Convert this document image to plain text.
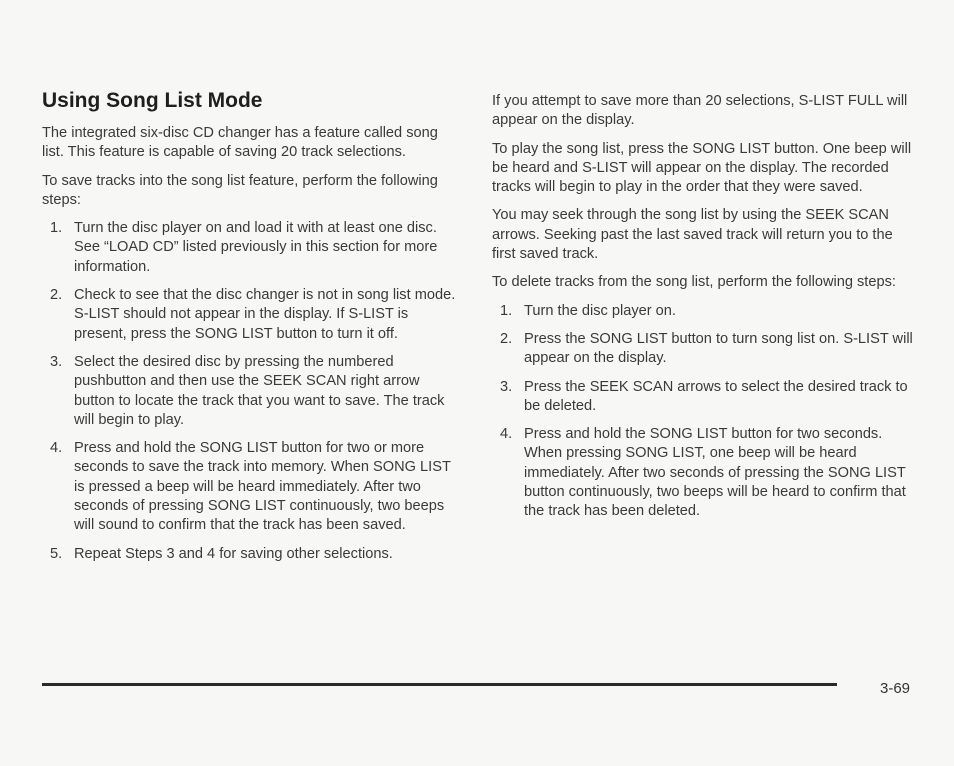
Using Song List Mode

The integrated six-disc CD changer has a feature called song list. This feature is capable of saving 20 track selections.

To save tracks into the song list feature, perform the following steps:

1. Turn the disc player on and load it with at least one disc. See “LOAD CD” listed previously in this section for more information.
2. Check to see that the disc changer is not in song list mode. S-LIST should not appear in the display. If S-LIST is present, press the SONG LIST button to turn it off.
3. Select the desired disc by pressing the numbered pushbutton and then use the SEEK SCAN right arrow button to locate the track that you want to save. The track will begin to play.
4. Press and hold the SONG LIST button for two or more seconds to save the track into memory. When SONG LIST is pressed a beep will be heard immediately. After two seconds of pressing SONG LIST continuously, two beeps will sound to confirm that the track has been saved.
5. Repeat Steps 3 and 4 for saving other selections.

If you attempt to save more than 20 selections, S-LIST FULL will appear on the display.

To play the song list, press the SONG LIST button. One beep will be heard and S-LIST will appear on the display. The recorded tracks will begin to play in the order that they were saved.

You may seek through the song list by using the SEEK SCAN arrows. Seeking past the last saved track will return you to the first saved track.

To delete tracks from the song list, perform the following steps:

1. Turn the disc player on.
2. Press the SONG LIST button to turn song list on. S-LIST will appear on the display.
3. Press the SEEK SCAN arrows to select the desired track to be deleted.
4. Press and hold the SONG LIST button for two seconds. When pressing SONG LIST, one beep will be heard immediately. After two seconds of pressing the SONG LIST button continuously, two beeps will be heard to confirm that the track has been deleted.
3-69
